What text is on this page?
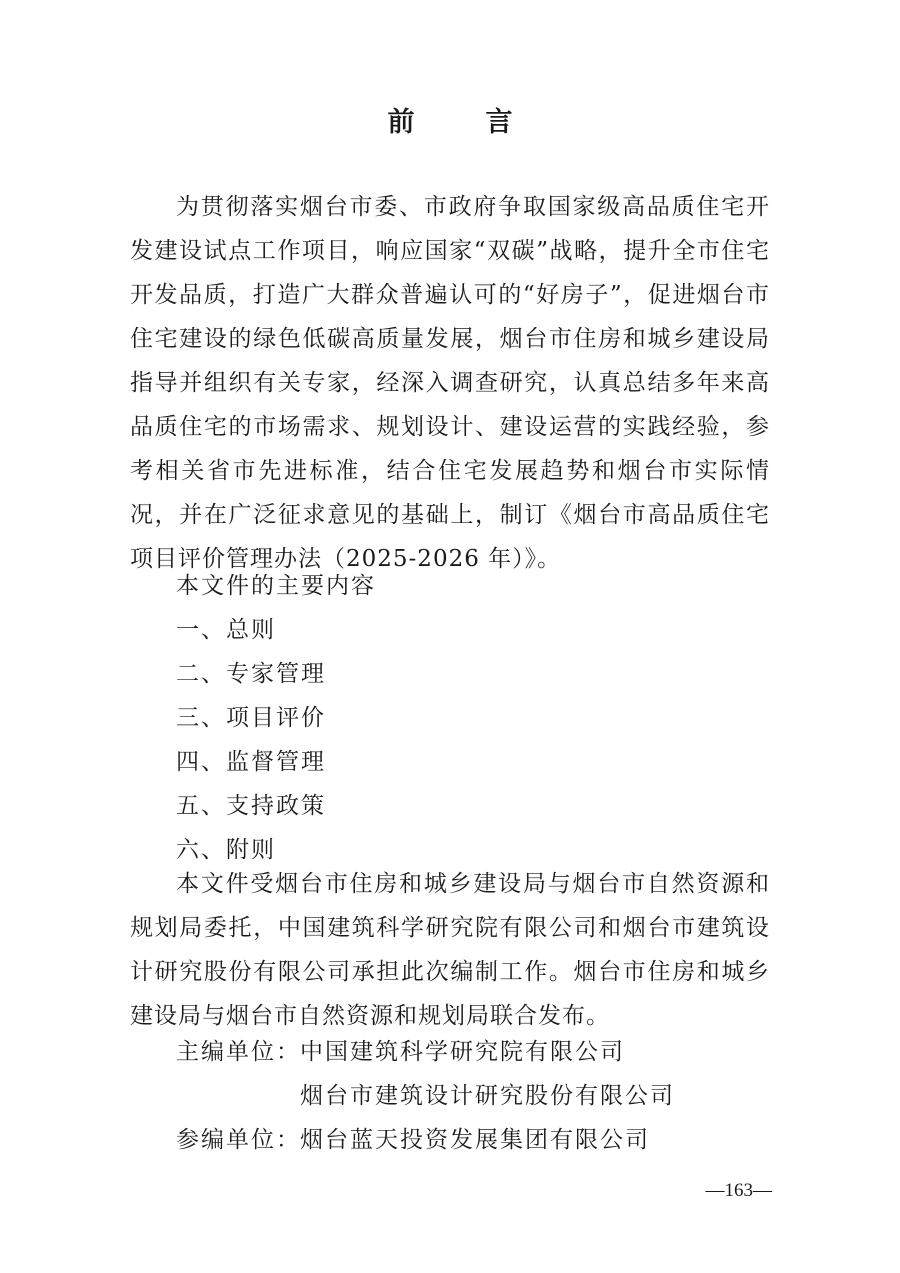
前　言
为贯彻落实烟台市委、市政府争取国家级高品质住宅开发建设试点工作项目，响应国家“双碳”战略，提升全市住宅开发品质，打造广大群众普遍认可的“好房子”，促进烟台市住宅建设的绿色低碳高质量发展，烟台市住房和城乡建设局指导并组织有关专家，经深入调查研究，认真总结多年来高品质住宅的市场需求、规划设计、建设运营的实践经验，参考相关省市先进标准，结合住宅发展趋势和烟台市实际情况，并在广泛征求意见的基础上，制订《烟台市高品质住宅项目评价管理办法（2025-2026 年）》。
本文件的主要内容
一、总则
二、专家管理
三、项目评价
四、监督管理
五、支持政策
六、附则
本文件受烟台市住房和城乡建设局与烟台市自然资源和规划局委托，中国建筑科学研究院有限公司和烟台市建筑设计研究股份有限公司承担此次编制工作。烟台市住房和城乡建设局与烟台市自然资源和规划局联合发布。
主编单位：中国建筑科学研究院有限公司
烟台市建筑设计研究股份有限公司
参编单位：烟台蓝天投资发展集团有限公司
—163—
